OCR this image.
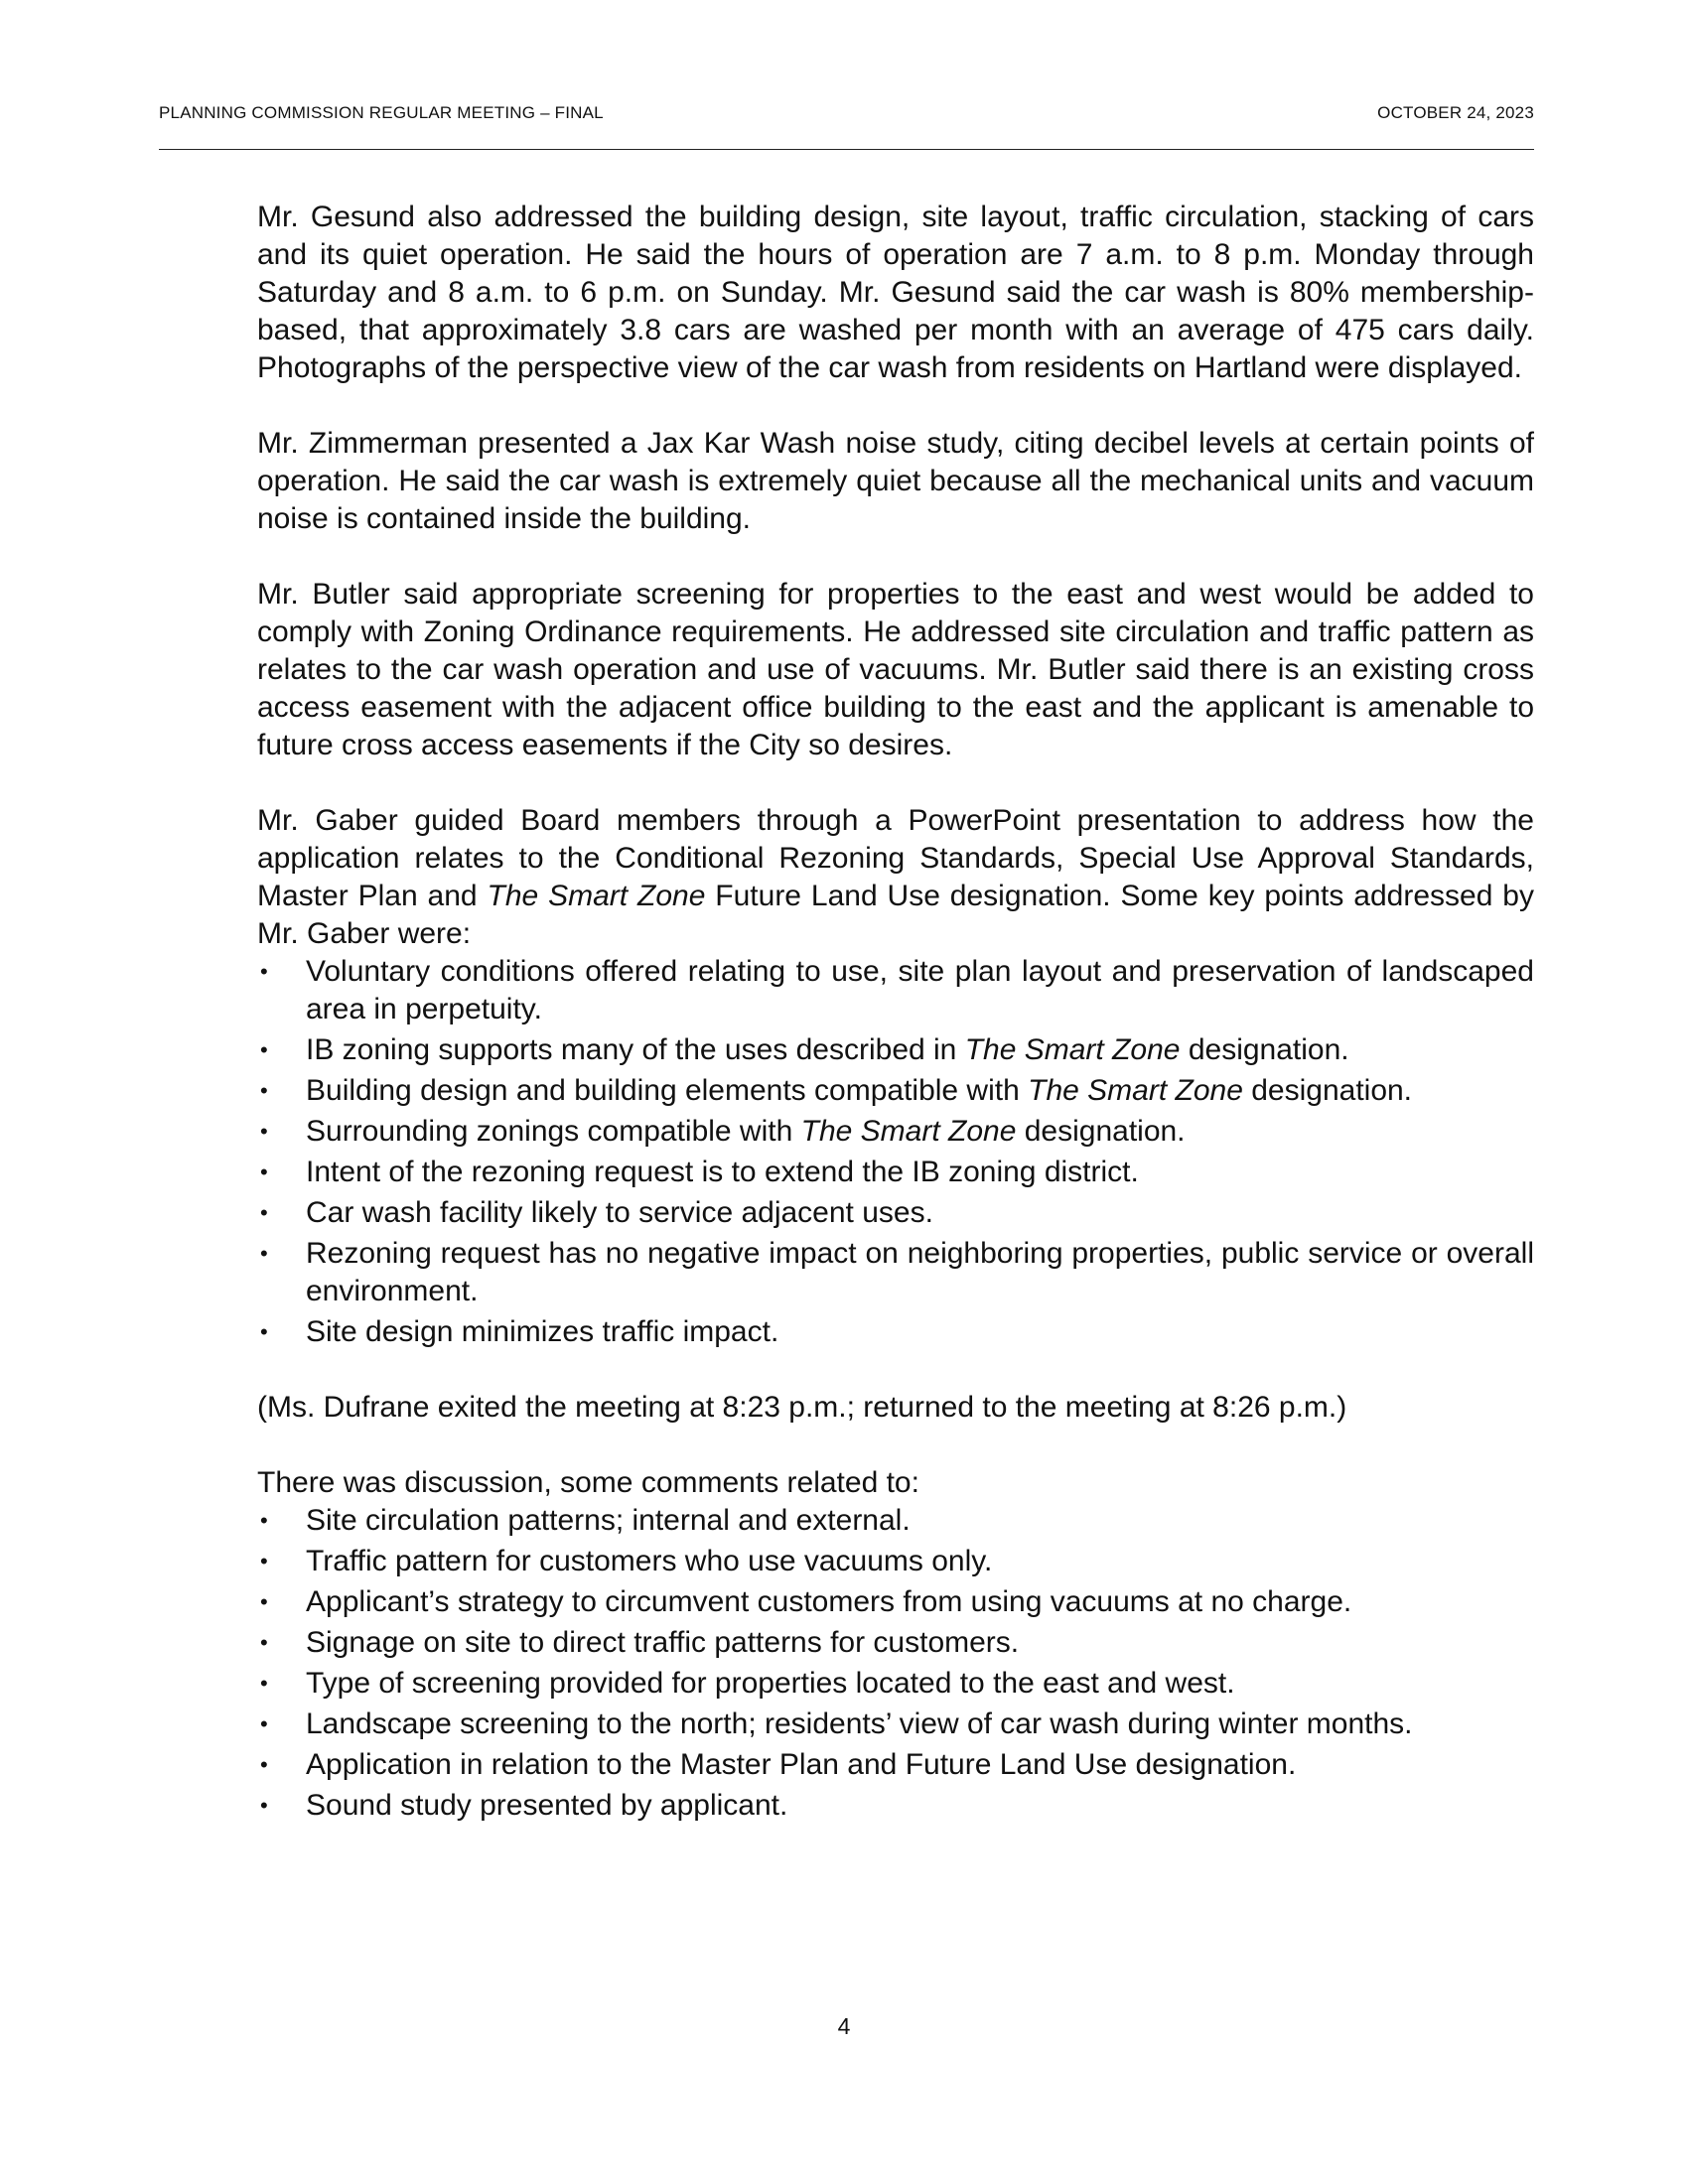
PLANNING COMMISSION REGULAR MEETING – FINAL	OCTOBER 24, 2023

Mr. Gesund also addressed the building design, site layout, traffic circulation, stacking of cars and its quiet operation. He said the hours of operation are 7 a.m. to 8 p.m. Monday through Saturday and 8 a.m. to 6 p.m. on Sunday. Mr. Gesund said the car wash is 80% membership-based, that approximately 3.8 cars are washed per month with an average of 475 cars daily. Photographs of the perspective view of the car wash from residents on Hartland were displayed.

Mr. Zimmerman presented a Jax Kar Wash noise study, citing decibel levels at certain points of operation. He said the car wash is extremely quiet because all the mechanical units and vacuum noise is contained inside the building.

Mr. Butler said appropriate screening for properties to the east and west would be added to comply with Zoning Ordinance requirements. He addressed site circulation and traffic pattern as relates to the car wash operation and use of vacuums. Mr. Butler said there is an existing cross access easement with the adjacent office building to the east and the applicant is amenable to future cross access easements if the City so desires.

Mr. Gaber guided Board members through a PowerPoint presentation to address how the application relates to the Conditional Rezoning Standards, Special Use Approval Standards, Master Plan and The Smart Zone Future Land Use designation. Some key points addressed by Mr. Gaber were:

• Voluntary conditions offered relating to use, site plan layout and preservation of landscaped area in perpetuity.
• IB zoning supports many of the uses described in The Smart Zone designation.
• Building design and building elements compatible with The Smart Zone designation.
• Surrounding zonings compatible with The Smart Zone designation.
• Intent of the rezoning request is to extend the IB zoning district.
• Car wash facility likely to service adjacent uses.
• Rezoning request has no negative impact on neighboring properties, public service or overall environment.
• Site design minimizes traffic impact.

(Ms. Dufrane exited the meeting at 8:23 p.m.; returned to the meeting at 8:26 p.m.)

There was discussion, some comments related to:

• Site circulation patterns; internal and external.
• Traffic pattern for customers who use vacuums only.
• Applicant’s strategy to circumvent customers from using vacuums at no charge.
• Signage on site to direct traffic patterns for customers.
• Type of screening provided for properties located to the east and west.
• Landscape screening to the north; residents’ view of car wash during winter months.
• Application in relation to the Master Plan and Future Land Use designation.
• Sound study presented by applicant.
4
